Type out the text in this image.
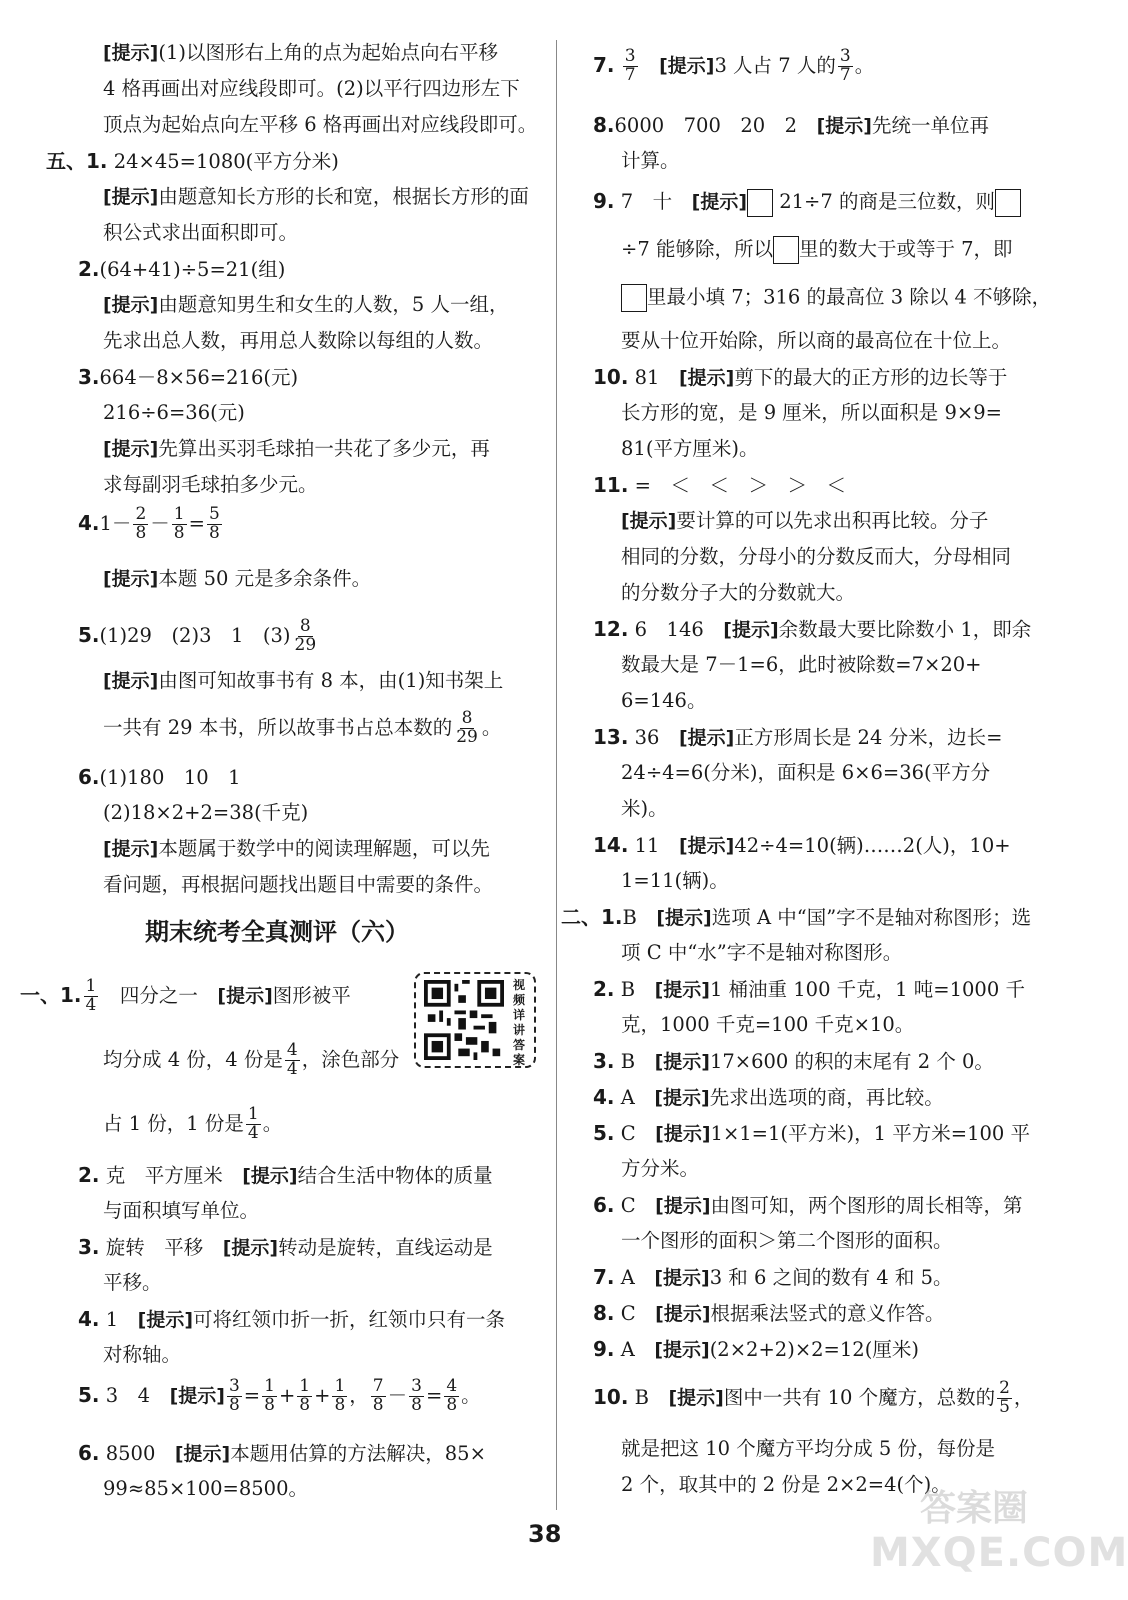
[提示](1)以图形右上角的点为起始点向右平移
4 格再画出对应线段即可。(2)以平行四边形左下
顶点为起始点向左平移 6 格再画出对应线段即可。
五、1. 24×45=1080(平方分米)
[提示]由题意知长方形的长和宽，根据长方形的面
积公式求出面积即可。
2.(64+41)÷5=21(组)
[提示]由题意知男生和女生的人数，5 人一组，
先求出总人数，再用总人数除以每组的人数。
3.664－8×56=216(元)
216÷6=36(元)
[提示]先算出买羽毛球拍一共花了多少元，再
求每副羽毛球拍多少元。
$4.1- \frac{2}{8} - \frac{1}{8} = \frac{5}{8}$
[提示]本题 50 元是多余条件。
5.(1)29　(2)3　1　$(3) \frac{8}{29}$
[提示]由图可知故事书有 8 本，由(1)知书架上
一共有 29 本书，所以故事书占总本数的 $\frac{8}{29}$ 。
6.(1)180　10　1
(2)18×2+2=38(千克)
[提示]本题属于数学中的阅读理解题，可以先
看问题，再根据问题找出题目中需要的条件。
一、1. $\frac{1}{4}$
　 四分之一　 [提示]图形被平
均分成 4 份，4 份是 $\frac{4}{4}$ ，涂色部分
占 1 份，1 份是 $\frac{1}{4}$ 。
2. 克　平方厘米　 [提示]结合生活中物体的质量
与面积填写单位。
3. 旋转　平移　 [提示]转动是旋转，直线运动是
平移。
4. 1　 [提示]可将红领巾折一折，红领巾只有一条
对称轴。
5. 3　4　 [提示] $\frac{3}{8} = \frac{1}{8} + \frac{1}{8} + \frac{1}{8}$ ， $\frac{7}{8} - \frac{3}{8} = \frac{4}{8}$ 。
6. 8500　 [提示]本题用估算的方法解决，85×
99≈85×100=8500。
期末统考全真测评（六）
视频详讲答案
7. $\frac{3}{7}$
　 [提示]3 人占 7 人的 $\frac{3}{7}$ 。
8.6000　700　20　2　 [提示]先统一单位再
计算。
9. 7　十　 [提示] 21÷7 的商是三位数，则
÷7 能够除，所以 里的数大于或等于 7，即
里最小填 7；316 的最高位 3 除以 4 不够除，
要从十位开始除，所以商的最高位在十位上。
10. 81　 [提示]剪下的最大的正方形的边长等于
长方形的宽，是 9 厘米，所以面积是 9×9=
81(平方厘米)。
11. =　＜　＜　＞　＞　＜
[提示]要计算的可以先求出积再比较。分子
相同的分数，分母小的分数反而大，分母相同
的分数分子大的分数就大。
12. 6　146　 [提示]余数最大要比除数小 1，即余
数最大是 7－1=6，此时被除数=7×20+
6=146。
13. 36　 [提示]正方形周长是 24 分米，边长=
24÷4=6(分米)，面积是 6×6=36(平方分
米)。
14. 11　 [提示]42÷4=10(辆)……2(人)，10+
1=11(辆)。
二、1.B　 [提示]选项 A 中“国”字不是轴对称图形；选
项 C 中“水”字不是轴对称图形。
2. B　 [提示]1 桶油重 100 千克，1 吨=1000 千
克，1000 千克=100 千克×10。
3. B　 [提示]17×600 的积的末尾有 2 个 0。
4. A　 [提示]先求出选项的商，再比较。
5. C　 [提示]1×1=1(平方米)，1 平方米=100 平
方分米。
6. C　 [提示]由图可知，两个图形的周长相等，第
一个图形的面积＞第二个图形的面积。
7. A　 [提示]3 和 6 之间的数有 4 和 5。
8. C　 [提示]根据乘法竖式的意义作答。
9. A　 [提示](2×2+2)×2=12(厘米)
10. B　 [提示]图中一共有 10 个魔方，总数的 $\frac{2}{5}$ ，
就是把这 10 个魔方平均分成 5 份，每份是
2 个，取其中的 2 份是 2×2=4(个)。
38
答案圈
MXQE.COM
